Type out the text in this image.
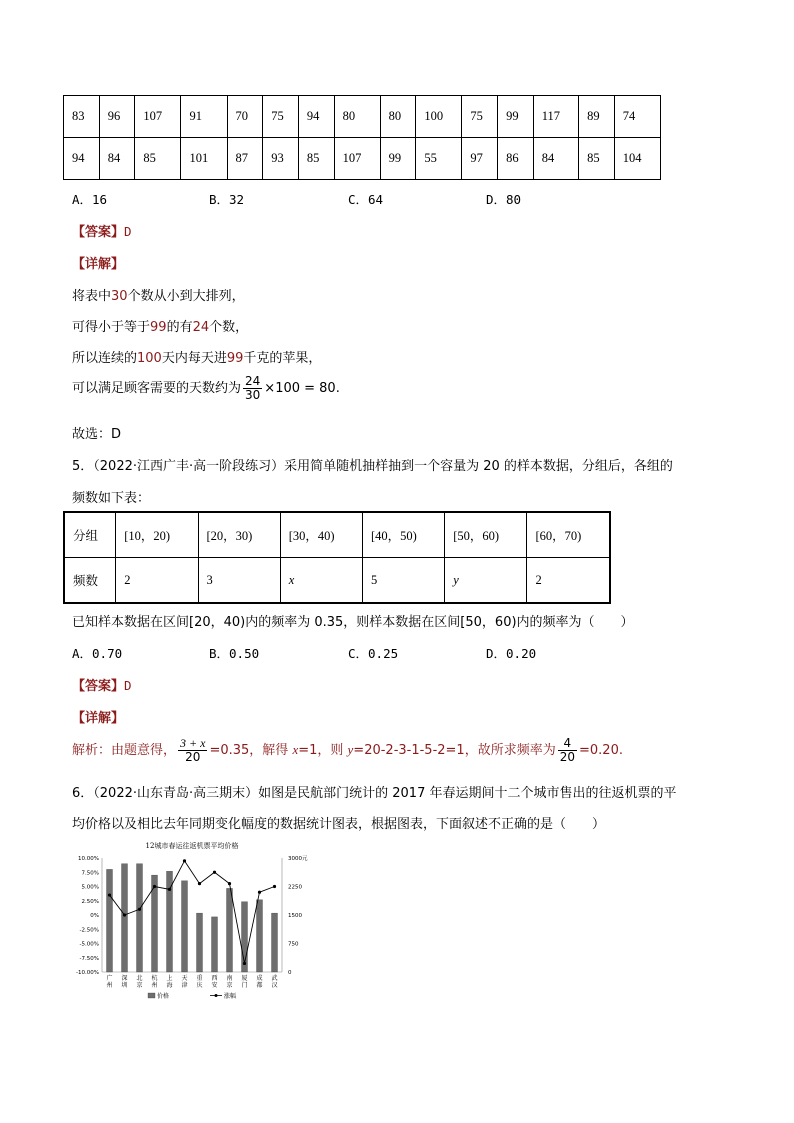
83	96	107	91	70	75	94	80	80	100	75	99	117	89	74
94	84	85	101	87	93	85	107	99	55	97	86	84	85	104
A．16	B．32	C．64	D．80
【答案】D
【详解】
将表中30个数从小到大排列，
可得小于等于99的有24个数，
所以连续的100天内每天进99千克的苹果，
可以满足顾客需要的天数约为 $\frac{24}{30} \times 100 = 80$.
故选：D
5．（2022·江西广丰·高一阶段练习）采用简单随机抽样抽到一个容量为 20 的样本数据，分组后，各组的
频数如下表：
分组	[10，20)	[20，30)	[30，40)	[40，50)	[50，60)	[60，70)
频数	2	3	x	5	y	2
已知样本数据在区间[20，40)内的频率为 0.35，则样本数据在区间[50，60)内的频率为（　　）
A．0.70	B．0.50	C．0.25	D．0.20
【答案】D
【详解】
解析：由题意得， $\frac{3 + x}{20} =0.35$，解得 x=1，则 y=20-2-3-1-5-2=1，故所求频率为 $\frac{4}{20} =0.20$.
6．（2022·山东青岛·高三期末）如图是民航部门统计的 2017 年春运期间十二个城市售出的往返机票的平
均价格以及相比去年同期变化幅度的数据统计图表，根据图表，下面叙述不正确的是（　　）
12城市春运往返机票平均价格
10.00%
7.50%
5.00%
2.50%
0%
-2.50%
-5.00%
-7.50%
-10.00%
3000元
2250
1500
750
0
广
州
深
圳
北
京
杭
州
上
海
天
津
重
庆
西
安
南
京
厦
门
成
都
武
汉
价格	涨幅
